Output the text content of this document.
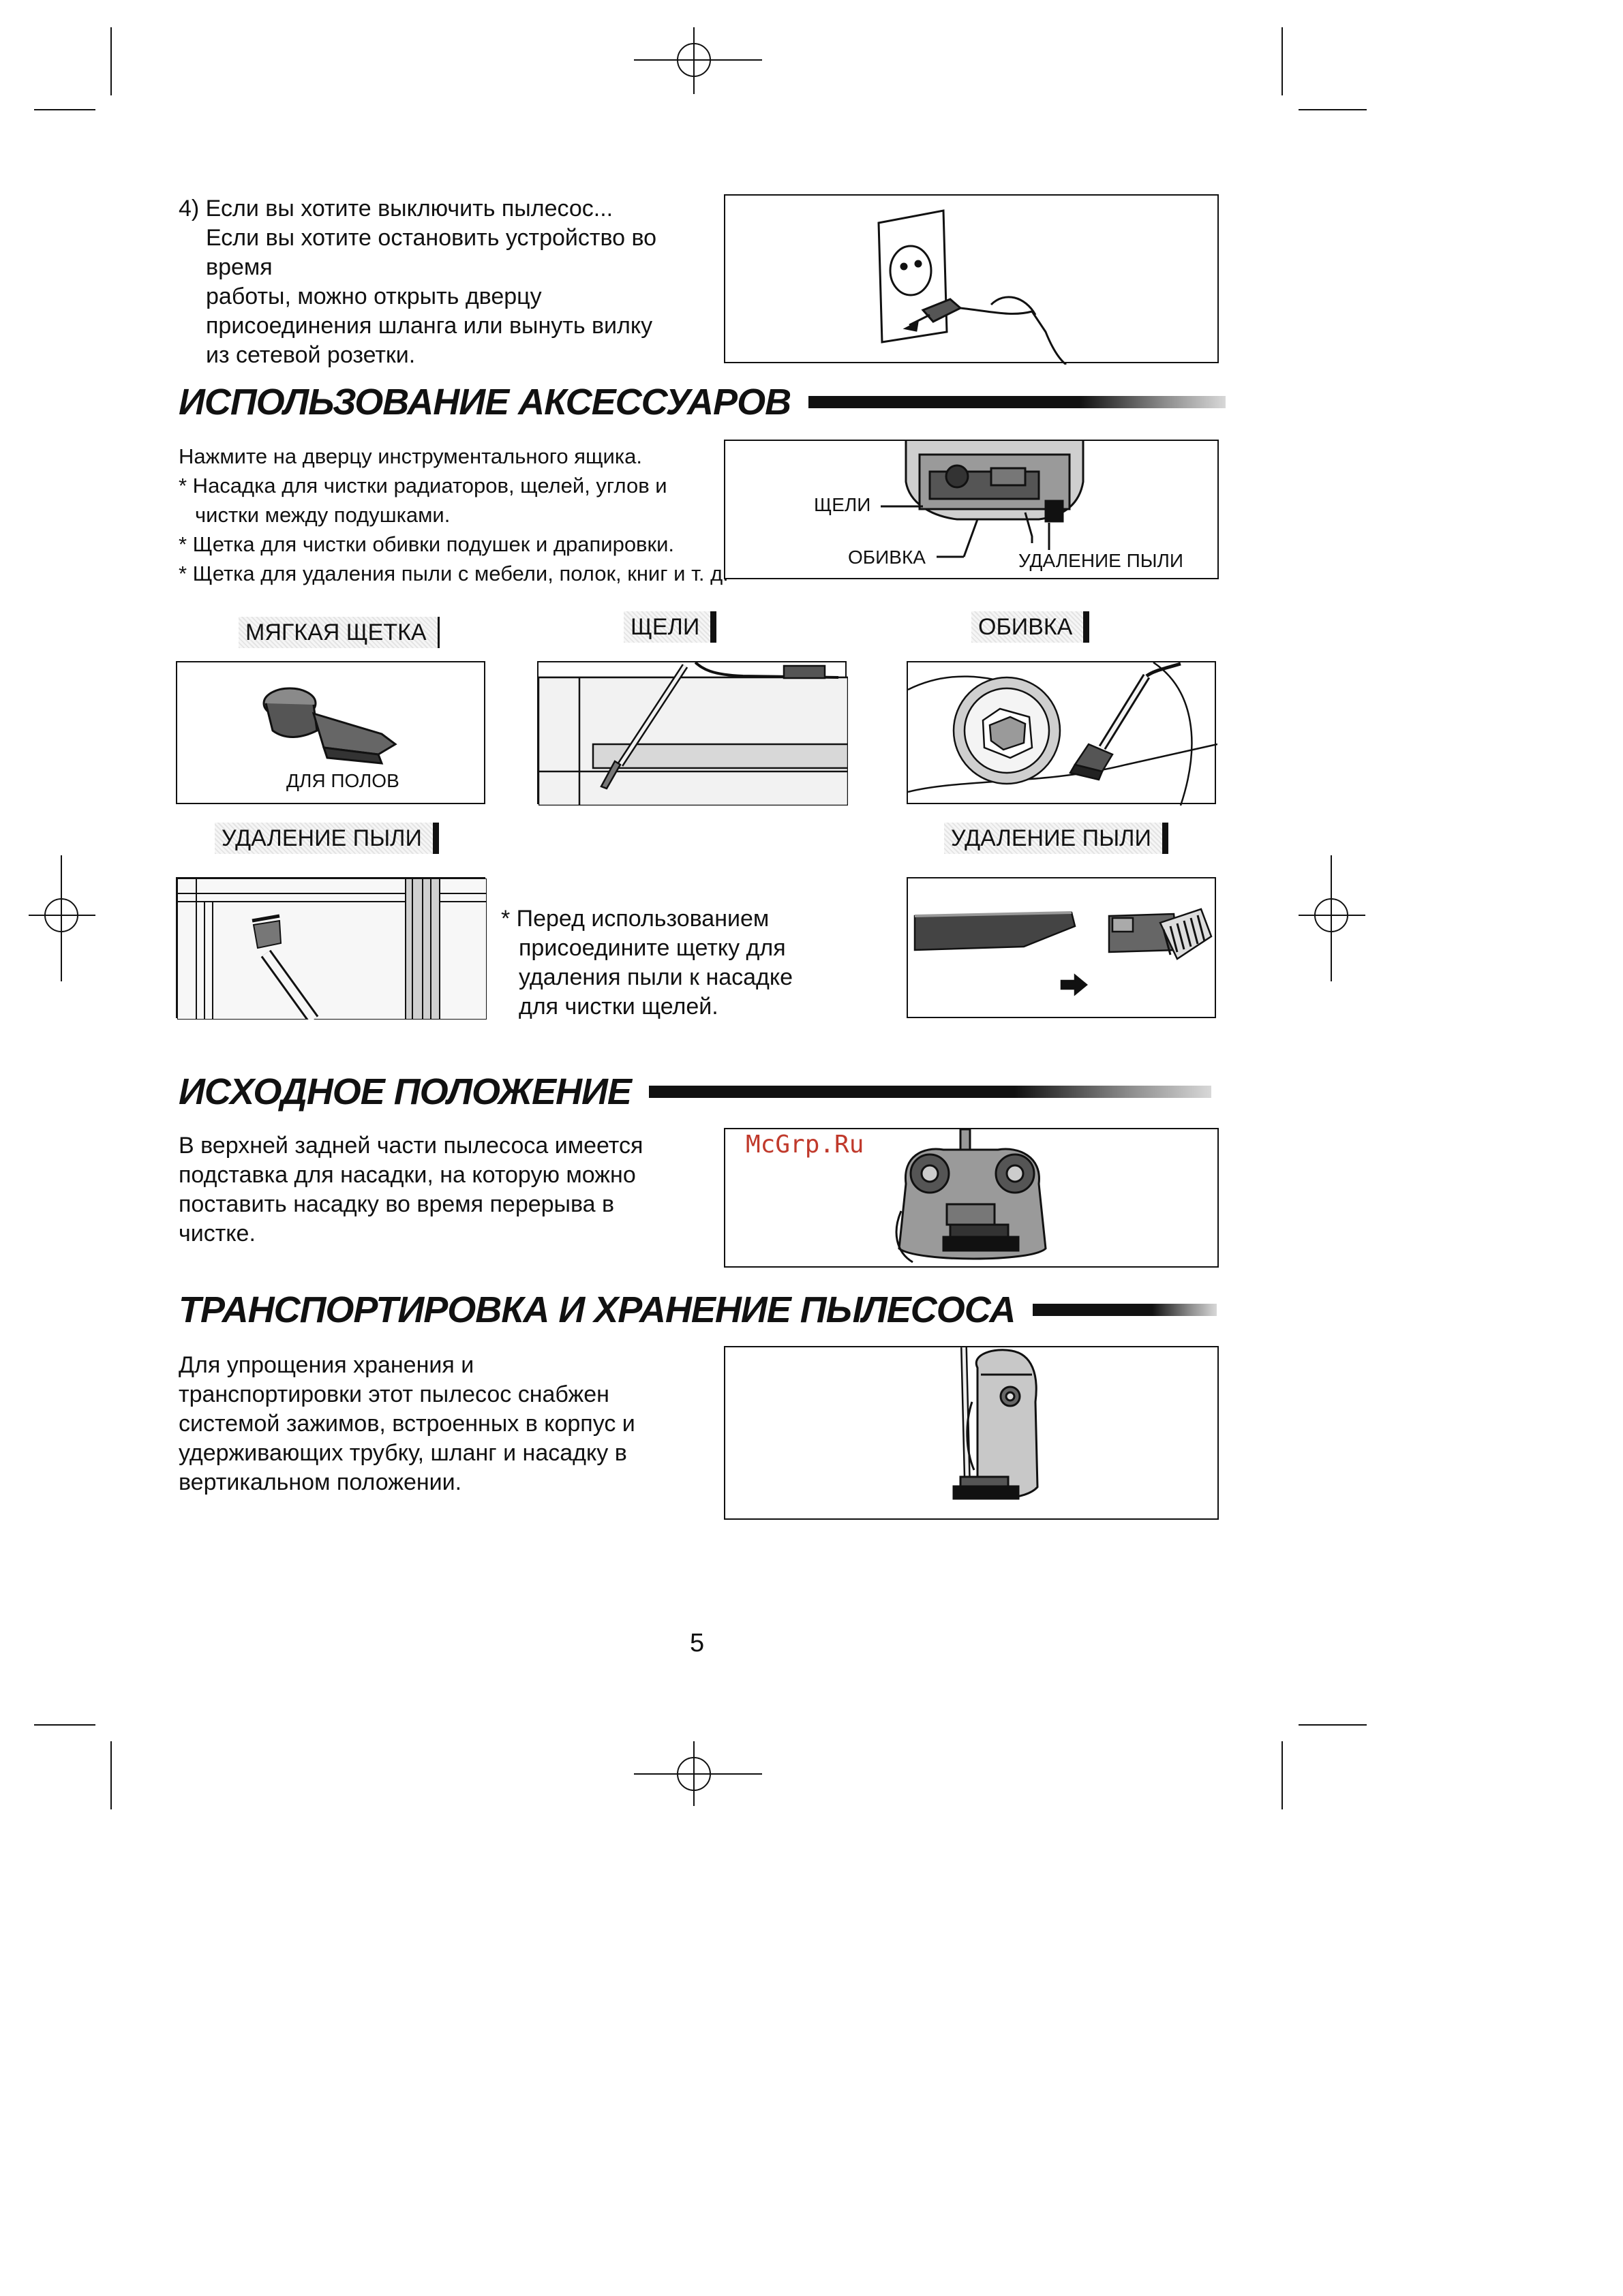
4) Если вы хотите выключить пылесос...
Если вы хотите остановить устройство во
время
работы, можно открыть дверцу
присоединения шланга или вынуть вилку
из сетевой розетки.
ИСПОЛЬЗОВАНИЕ АКСЕССУАРОВ
Нажмите на дверцу инструментального ящика.
* Насадка для чистки радиаторов, щелей, углов и
чистки между подушками.
* Щетка для чистки обивки подушек и драпировки.
* Щетка для удаления пыли с мебели, полок, книг и т. д.
ЩЕЛИ
ОБИВКА	УДАЛЕНИЕ ПЫЛИ
МЯГКАЯ ЩЕТКА	ЩЕЛИ	ОБИВКА
ДЛЯ ПОЛОВ
УДАЛЕНИЕ ПЫЛИ	УДАЛЕНИЕ ПЫЛИ
* Перед использованием
присоедините щетку для
удаления пыли к насадке
для чистки щелей.
ИСХОДНОЕ ПОЛОЖЕНИЕ
В верхней задней части пылесоса имеется
подставка для насадки, на которую можно
поставить насадку во время перерыва в
чистке.
McGrp.Ru
ТРАНСПОРТИРОВКА И ХРАНЕНИЕ ПЫЛЕСОСА
Для упрощения хранения и
транспортировки этот пылесос снабжен
системой зажимов, встроенных в корпус и
удерживающих трубку, шланг и насадку в
вертикальном положении.
5
